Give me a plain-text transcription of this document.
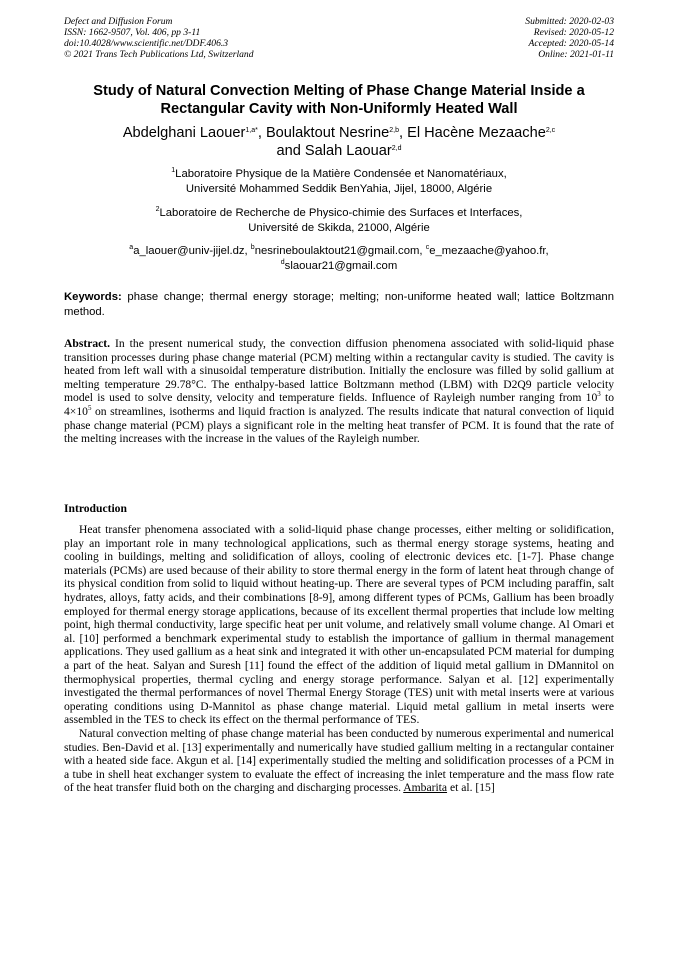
Defect and Diffusion Forum
ISSN: 1662-9507, Vol. 406, pp 3-11
doi:10.4028/www.scientific.net/DDF.406.3
© 2021 Trans Tech Publications Ltd, Switzerland
Submitted: 2020-02-03
Revised: 2020-05-12
Accepted: 2020-05-14
Online: 2021-01-11
Study of Natural Convection Melting of Phase Change Material Inside a
Rectangular Cavity with Non-Uniformly Heated Wall
Abdelghani Laouer$^{1,a*}$, Boulaktout Nesrine$^{2,b}$, El Hacène Mezaache$^{2,c}$
and Salah Laouar$^{2,d}$
$^1$Laboratoire Physique de la Matière Condensée et Nanomatériaux,
Université Mohammed Seddik BenYahia, Jijel, 18000, Algérie
$^2$Laboratoire de Recherche de Physico-chimie des Surfaces et Interfaces,
Université de Skikda, 21000, Algérie
$^a$a_laouer@univ-jijel.dz, $^b$nesrineboulaktout21@gmail.com, $^c$e_mezaache@yahoo.fr,
$^d$slaouar21@gmail.com
Keywords: phase change; thermal energy storage; melting; non-uniforme heated wall; lattice Boltzmann method.
Abstract. In the present numerical study, the convection diffusion phenomena associated with solid-liquid phase transition processes during phase change material (PCM) melting within a rectangular cavity is studied. The cavity is heated from left wall with a sinusoidal temperature distribution. Initially the enclosure was filled by solid gallium at melting temperature 29.78°C. The enthalpy-based lattice Boltzmann method (LBM) with D2Q9 particle velocity model is used to solve density, velocity and temperature fields. Influence of Rayleigh number ranging from $10^3$ to $4\times 10^5$ on streamlines, isotherms and liquid fraction is analyzed. The results indicate that natural convection of liquid phase change material (PCM) plays a significant role in the melting heat transfer of PCM. It is found that the rate of the melting increases with the increase in the values of the Rayleigh number.
Introduction

Heat transfer phenomena associated with a solid-liquid phase change processes, either melting or solidification, play an important role in many technological applications, such as thermal energy storage systems, heating and cooling in buildings, melting and solidification of alloys, cooling of electronic devices etc. [1-7]. Phase change materials (PCMs) are used because of their ability to store thermal energy in the form of latent heat through change of its physical condition from solid to liquid without heating-up. There are several types of PCM including paraffin, salt hydrates, alloys, fatty acids, and their combinations [8-9], among different types of PCMs, Gallium has been broadly employed for thermal energy storage applications, because of its excellent thermal properties that include low melting point, high thermal conductivity, large specific heat per unit volume, and relatively small volume change. Al Omari et al. [10] performed a benchmark experimental study to establish the importance of gallium in thermal management applications. They used gallium as a heat sink and integrated it with other un-encapsulated PCM material for dumping a part of the heat. Salyan and Suresh [11] found the effect of the addition of liquid metal gallium in DMannitol on thermophysical properties, thermal cycling and energy storage performance. Salyan et al. [12] experimentally investigated the thermal performances of novel Thermal Energy Storage (TES) unit with metal inserts were at various operating conditions using D-Mannitol as phase change material. Liquid metal gallium in metal inserts were assembled in the TES to check its effect on the thermal performance of TES.

Natural convection melting of phase change material has been conducted by numerous experimental and numerical studies. Ben-David et al. [13] experimentally and numerically have studied gallium melting in a rectangular container with a heated side face. Akgun et al. [14] experimentally studied the melting and solidification processes of a PCM in a tube in shell heat exchanger system to evaluate the effect of increasing the inlet temperature and the mass flow rate of the heat transfer fluid both on the charging and discharging processes. Ambarita et al. [15]
